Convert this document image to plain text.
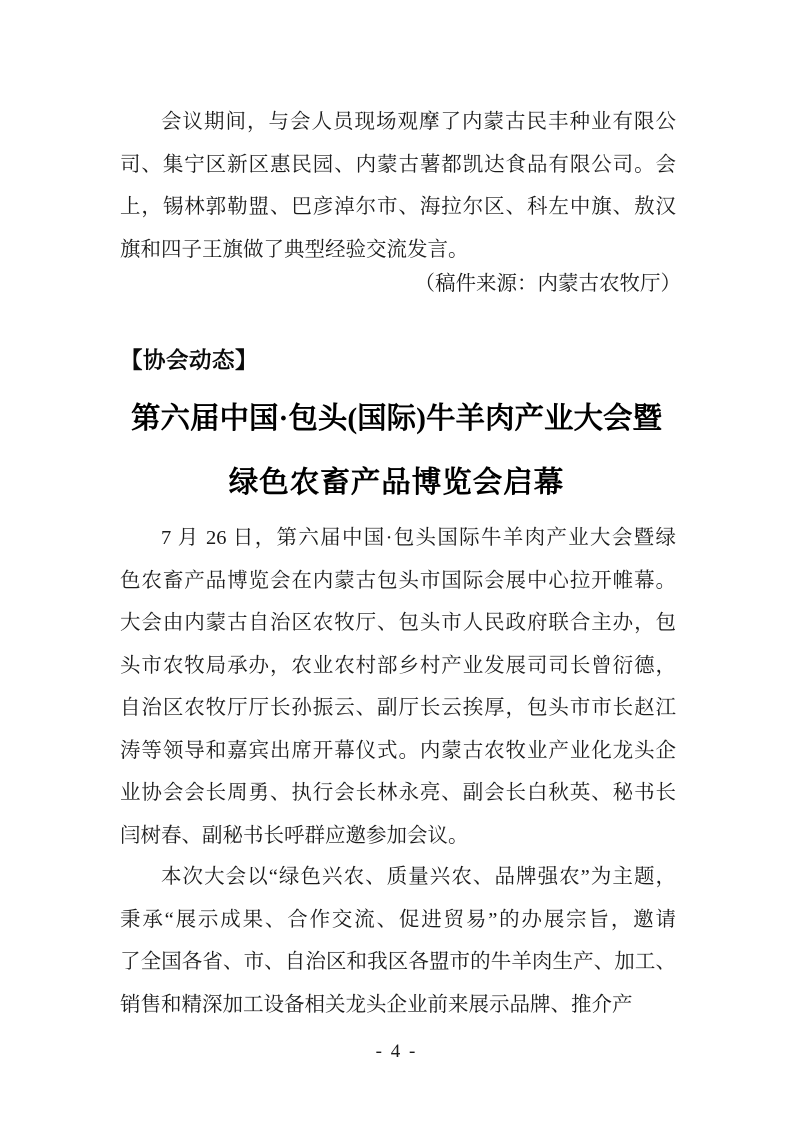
会议期间，与会人员现场观摩了内蒙古民丰种业有限公
司、集宁区新区惠民园、内蒙古薯都凯达食品有限公司。会
上，锡林郭勒盟、巴彦淖尔市、海拉尔区、科左中旗、敖汉
旗和四子王旗做了典型经验交流发言。
（稿件来源：内蒙古农牧厅）
【协会动态】
第六届中国·包头(国际)牛羊肉产业大会暨
绿色农畜产品博览会启幕
7 月 26 日，第六届中国·包头国际牛羊肉产业大会暨绿
色农畜产品博览会在内蒙古包头市国际会展中心拉开帷幕。
大会由内蒙古自治区农牧厅、包头市人民政府联合主办，包
头市农牧局承办，农业农村部乡村产业发展司司长曾衍德，
自治区农牧厅厅长孙振云、副厅长云挨厚，包头市市长赵江
涛等领导和嘉宾出席开幕仪式。内蒙古农牧业产业化龙头企
业协会会长周勇、执行会长林永亮、副会长白秋英、秘书长
闫树春、副秘书长呼群应邀参加会议。
本次大会以“绿色兴农、质量兴农、品牌强农”为主题，
秉承“展示成果、合作交流、促进贸易”的办展宗旨，邀请
了全国各省、市、自治区和我区各盟市的牛羊肉生产、加工、
销售和精深加工设备相关龙头企业前来展示品牌、推介产
- 4 -
